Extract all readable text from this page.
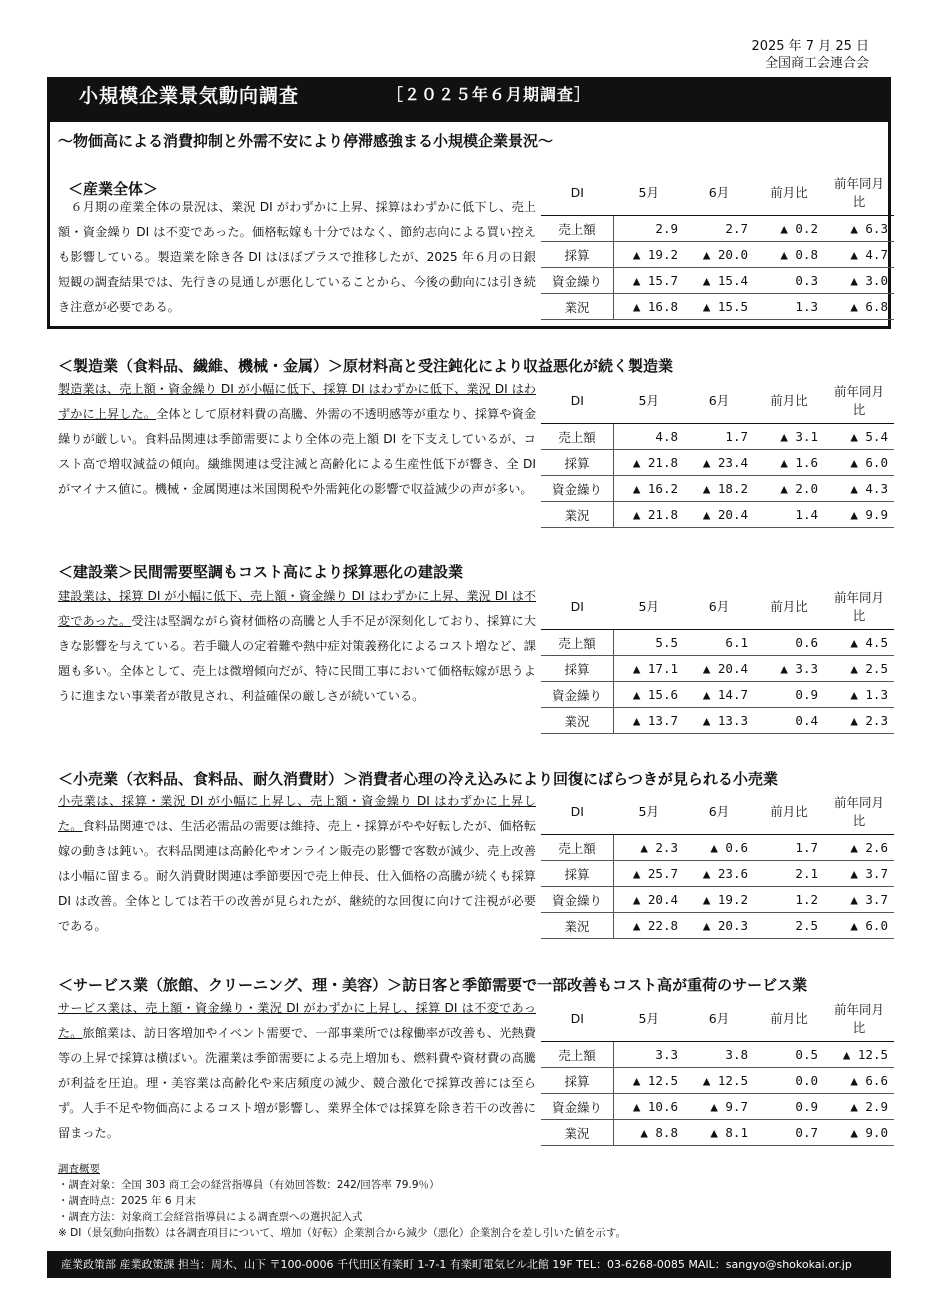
2025 年 7 月 25 日
全国商工会連合会
小規模企業景気動向調査	［２０２５年６月期調査］
～物価高による消費抑制と外需不安により停滞感強まる小規模企業景況～
＜産業全体＞
　６月期の産業全体の景況は、業況 DI がわずかに上昇、採算はわずかに低下し、売上額・資金繰り DI は不変であった。価格転嫁も十分ではなく、節約志向による買い控えも影響している。製造業を除き各 DI はほぼプラスで推移したが、2025 年６月の日銀短観の調査結果では、先行きの見通しが悪化していることから、今後の動向には引き続き注意が必要である。
DI	5月	6月	前月比	前年同月比
売上額	2.9	2.7	▲ 0.2	▲ 6.3
採算	▲ 19.2	▲ 20.0	▲ 0.8	▲ 4.7
資金繰り	▲ 15.7	▲ 15.4	0.3	▲ 3.0
業況	▲ 16.8	▲ 15.5	1.3	▲ 6.8
＜製造業（食料品、繊維、機械・金属）＞原材料高と受注鈍化により収益悪化が続く製造業
製造業は、売上額・資金繰り DI が小幅に低下、採算 DI はわずかに低下、業況 DI はわずかに上昇した。全体として原材料費の高騰、外需の不透明感等が重なり、採算や資金繰りが厳しい。食料品関連は季節需要により全体の売上額 DI を下支えしているが、コスト高で増収減益の傾向。繊維関連は受注減と高齢化による生産性低下が響き、全 DI がマイナス値に。機械・金属関連は米国関税や外需鈍化の影響で収益減少の声が多い。
DI	5月	6月	前月比	前年同月比
売上額	4.8	1.7	▲ 3.1	▲ 5.4
採算	▲ 21.8	▲ 23.4	▲ 1.6	▲ 6.0
資金繰り	▲ 16.2	▲ 18.2	▲ 2.0	▲ 4.3
業況	▲ 21.8	▲ 20.4	1.4	▲ 9.9
＜建設業＞民間需要堅調もコスト高により採算悪化の建設業
建設業は、採算 DI が小幅に低下、売上額・資金繰り DI はわずかに上昇、業況 DI は不変であった。受注は堅調ながら資材価格の高騰と人手不足が深刻化しており、採算に大きな影響を与えている。若手職人の定着難や熱中症対策義務化によるコスト増など、課題も多い。全体として、売上は微増傾向だが、特に民間工事において価格転嫁が思うように進まない事業者が散見され、利益確保の厳しさが続いている。
DI	5月	6月	前月比	前年同月比
売上額	5.5	6.1	0.6	▲ 4.5
採算	▲ 17.1	▲ 20.4	▲ 3.3	▲ 2.5
資金繰り	▲ 15.6	▲ 14.7	0.9	▲ 1.3
業況	▲ 13.7	▲ 13.3	0.4	▲ 2.3
＜小売業（衣料品、食料品、耐久消費財）＞消費者心理の冷え込みにより回復にばらつきが見られる小売業
小売業は、採算・業況 DI が小幅に上昇し、売上額・資金繰り DI はわずかに上昇した。食料品関連では、生活必需品の需要は維持、売上・採算がやや好転したが、価格転嫁の動きは鈍い。衣料品関連は高齢化やオンライン販売の影響で客数が減少、売上改善は小幅に留まる。耐久消費財関連は季節要因で売上伸長、仕入価格の高騰が続くも採算 DI は改善。全体としては若干の改善が見られたが、継続的な回復に向けて注視が必要である。
DI	5月	6月	前月比	前年同月比
売上額	▲ 2.3	▲ 0.6	1.7	▲ 2.6
採算	▲ 25.7	▲ 23.6	2.1	▲ 3.7
資金繰り	▲ 20.4	▲ 19.2	1.2	▲ 3.7
業況	▲ 22.8	▲ 20.3	2.5	▲ 6.0
＜サービス業（旅館、クリーニング、理・美容）＞訪日客と季節需要で一部改善もコスト高が重荷のサービス業
サービス業は、売上額・資金繰り・業況 DI がわずかに上昇し、採算 DI は不変であった。旅館業は、訪日客増加やイベント需要で、一部事業所では稼働率が改善も、光熱費等の上昇で採算は横ばい。洗濯業は季節需要による売上増加も、燃料費や資材費の高騰が利益を圧迫。理・美容業は高齢化や来店頻度の減少、競合激化で採算改善には至らず。人手不足や物価高によるコスト増が影響し、業界全体では採算を除き若干の改善に留まった。
DI	5月	6月	前月比	前年同月比
売上額	3.3	3.8	0.5	▲ 12.5
採算	▲ 12.5	▲ 12.5	0.0	▲ 6.6
資金繰り	▲ 10.6	▲ 9.7	0.9	▲ 2.9
業況	▲ 8.8	▲ 8.1	0.7	▲ 9.0
調査概要
・調査対象：全国 303 商工会の経営指導員（有効回答数：242/回答率 79.9％）
・調査時点：2025 年 6 月末
・調査方法：対象商工会経営指導員による調査票への選択記入式
※ DI（景気動向指数）は各調査項目について、増加（好転）企業割合から減少（悪化）企業割合を差し引いた値を示す。
産業政策部 産業政策課 担当：周木、山下 〒100-0006 千代田区有楽町 1-7-1 有楽町電気ビル北館 19F TEL：03-6268-0085 MAIL：sangyo@shokokai.or.jp
